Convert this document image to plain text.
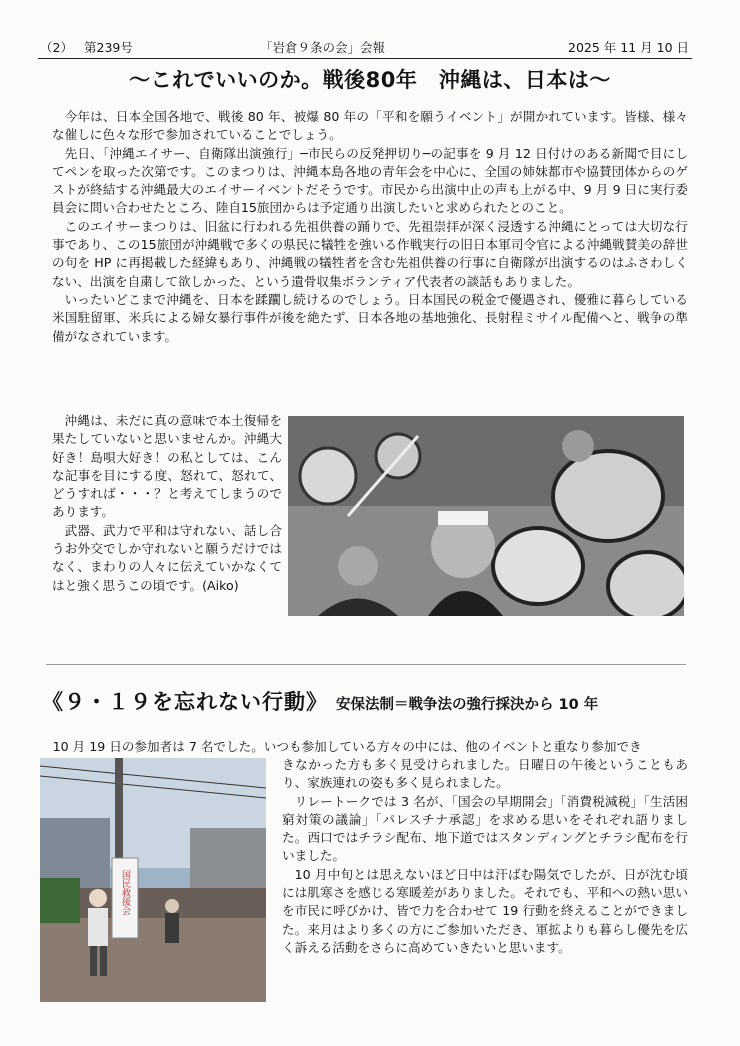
（2） 第239号	「岩倉９条の会」会報	2025 年 11 月 10 日
～これでいいのか。戦後80年　沖縄は、日本は～

今年は、日本全国各地で、戦後 80 年、被爆 80 年の「平和を願うイベント」が開かれています。皆様、様々な催しに色々な形で参加されていることでしょう。

先日、「沖縄エイサー、自衛隊出演強行」─市民らの反発押切り─の記事を 9 月 12 日付けのある新聞で目にしてペンを取った次第です。このまつりは、沖縄本島各地の青年会を中心に、全国の姉妹都市や協賛団体からのゲストが終結する沖縄最大のエイサーイベントだそうです。市民から出演中止の声も上がる中、9 月 9 日に実行委員会に問い合わせたところ、陸自15旅団からは予定通り出演したいと求められたとのこと。

このエイサーまつりは、旧盆に行われる先祖供養の踊りで、先祖崇拝が深く浸透する沖縄にとっては大切な行事であり、この15旅団が沖縄戦で多くの県民に犠牲を強いる作戦実行の旧日本軍司令官による沖縄戦賛美の辞世の句を HP に再掲載した経緯もあり、沖縄戦の犠牲者を含む先祖供養の行事に自衛隊が出演するのはふさわしくない、出演を自粛して欲しかった、という遺骨収集ボランティア代表者の談話もありました。

いったいどこまで沖縄を、日本を蹂躙し続けるのでしょう。日本国民の税金で優遇され、優雅に暮らしている米国駐留軍、米兵による婦女暴行事件が後を絶たず、日本各地の基地強化、長射程ミサイル配備へと、戦争の準備がなされています。

沖縄は、未だに真の意味で本土復帰を果たしていないと思いませんか。沖縄大好き！島唄大好き！の私としては、こんな記事を目にする度、怒れて、怒れて、どうすれば・・・？と考えてしまうのであります。

武器、武力で平和は守れない、話し合うお外交でしか守れないと願うだけではなく、まわりの人々に伝えていかなくてはと強く思うこの頃です。(Aiko)

《９・１９を忘れない行動》 安保法制＝戦争法の強行採決から 10 年

10 月 19 日の参加者は 7 名でした。いつも参加している方々の中には、他のイベントと重なり参加でき

国民救援会

きなかった方も多く見受けられました。日曜日の午後ということもあり、家族連れの姿も多く見られました。

リレートークでは 3 名が、「国会の早期開会」「消費税減税」「生活困窮対策の議論」「パレスチナ承認」を求める思いをそれぞれ語りました。西口ではチラシ配布、地下道ではスタンディングとチラシ配布を行いました。

10 月中旬とは思えないほど日中は汗ばむ陽気でしたが、日が沈む頃には肌寒さを感じる寒暖差がありました。それでも、平和への熱い思いを市民に呼びかけ、皆で力を合わせて 19 行動を終えることができました。来月はより多くの方にご参加いただき、軍拡よりも暮らし優先を広く訴える活動をさらに高めていきたいと思います。
